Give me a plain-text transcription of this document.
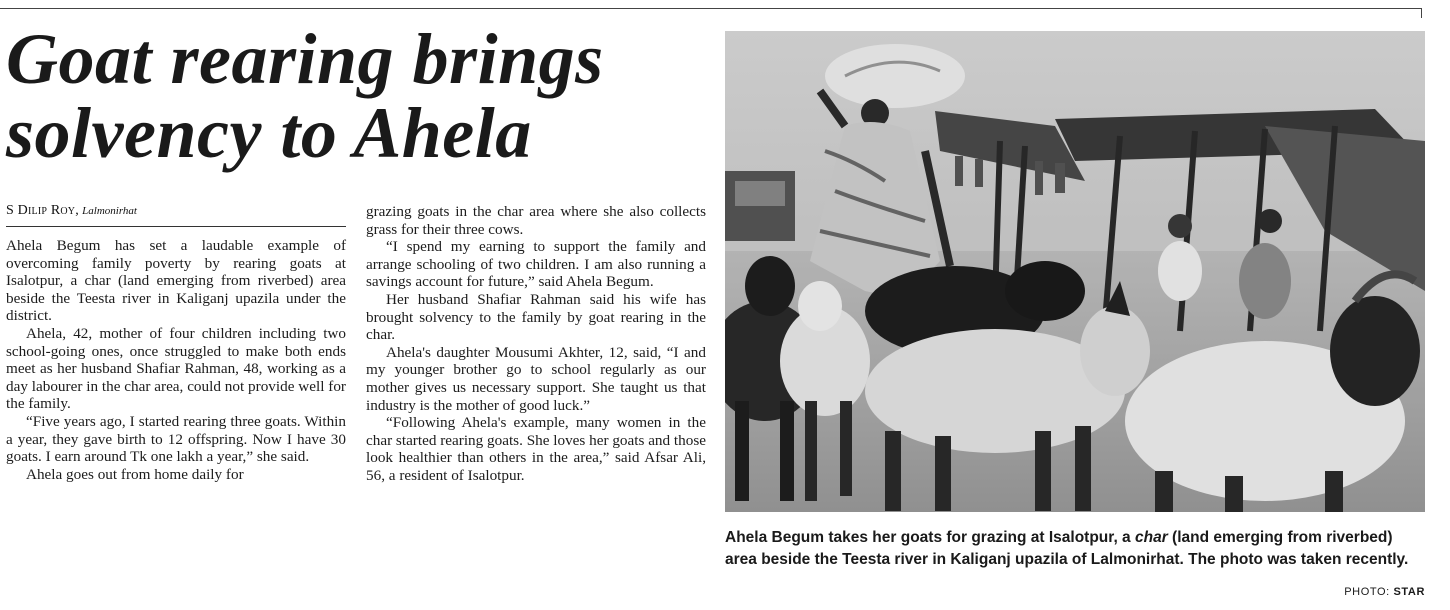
Goat rearing brings
solvency to Ahela
S Dilip Roy, Lalmonirhat

Ahela Begum has set a laudable example of overcoming family poverty by rearing goats at Isalotpur, a char (land emerging from riverbed) area beside the Teesta river in Kaliganj upazila under the district.

Ahela, 42, mother of four children including two school-going ones, once struggled to make both ends meet as her husband Shafiar Rahman, 48, working as a day labourer in the char area, could not provide well for the family.

“Five years ago, I started rearing three goats. Within a year, they gave birth to 12 offspring. Now I have 30 goats. I earn around Tk one lakh a year,” she said.

Ahela goes out from home daily for

grazing goats in the char area where she also collects grass for their three cows.

“I spend my earning to support the family and arrange schooling of two children. I am also running a savings account for future,” said Ahela Begum.

Her husband Shafiar Rahman said his wife has brought solvency to the family by goat rearing in the char.

Ahela's daughter Mousumi Akhter, 12, said, “I and my younger brother go to school regularly as our mother gives us necessary support. She taught us that industry is the mother of good luck.”

“Following Ahela's example, many women in the char started rearing goats. She loves her goats and those look healthier than others in the area,” said Afsar Ali, 56, a resident of Isalotpur.

Ahela Begum takes her goats for grazing at Isalotpur, a char (land emerging from riverbed) area beside the Teesta river in Kaliganj upazila of Lalmonirhat. The photo was taken recently.
PHOTO: STAR
